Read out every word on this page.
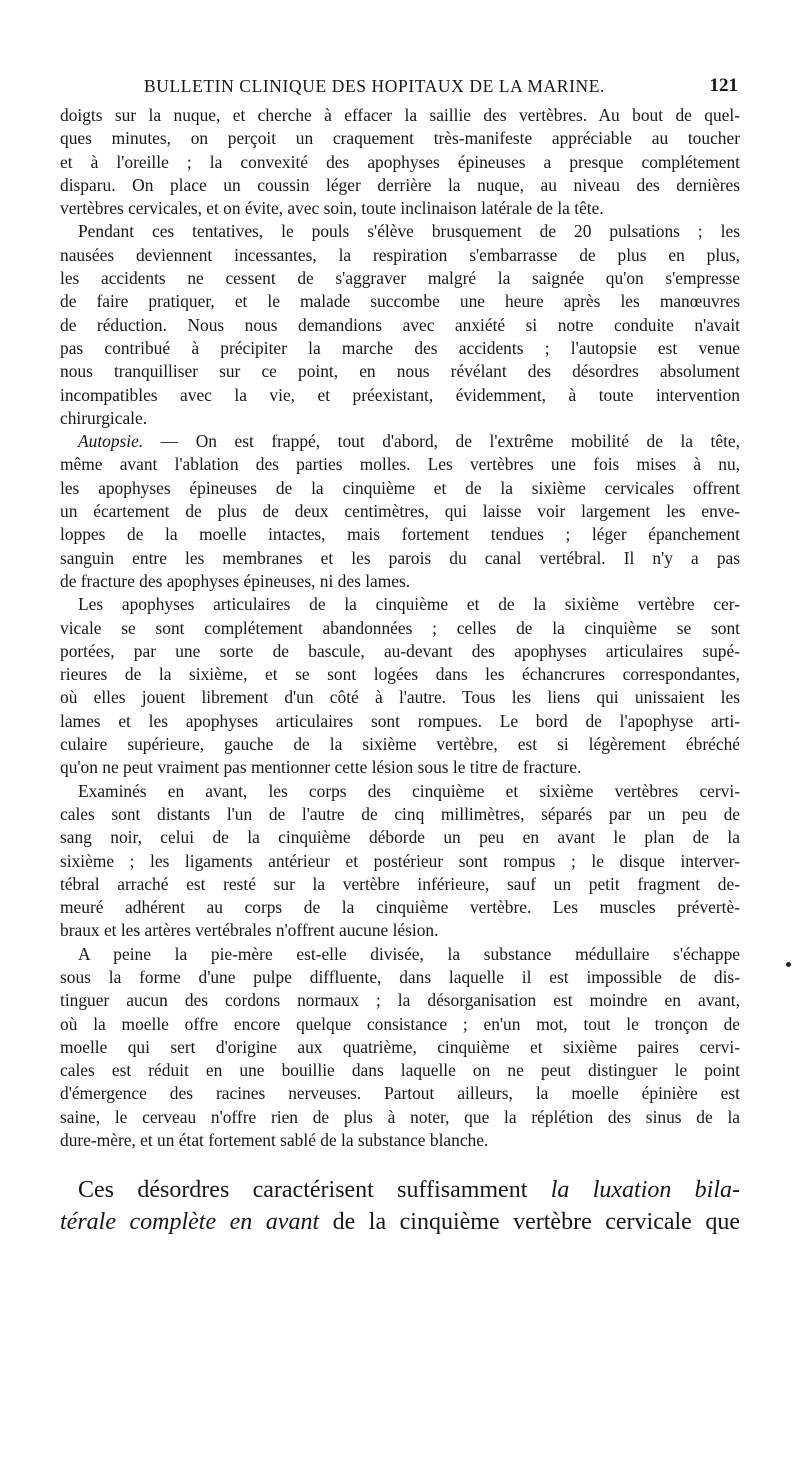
BULLETIN CLINIQUE DES HOPITAUX DE LA MARINE.	121
doigts sur la nuque, et cherche à effacer la saillie des vertèbres. Au bout de quel-
ques minutes, on perçoit un craquement très-manifeste appréciable au toucher
et à l'oreille ; la convexité des apophyses épineuses a presque complétement
disparu. On place un coussin léger derrière la nuque, au niveau des dernières
vertèbres cervicales, et on évite, avec soin, toute inclinaison latérale de la tête.
Pendant ces tentatives, le pouls s'élève brusquement de 20 pulsations ; les
nausées deviennent incessantes, la respiration s'embarrasse de plus en plus,
les accidents ne cessent de s'aggraver malgré la saignée qu'on s'empresse
de faire pratiquer, et le malade succombe une heure après les manœuvres
de réduction. Nous nous demandions avec anxiété si notre conduite n'avait
pas contribué à précipiter la marche des accidents ; l'autopsie est venue
nous tranquilliser sur ce point, en nous révélant des désordres absolument
incompatibles avec la vie, et préexistant, évidemment, à toute intervention
chirurgicale.
Autopsie. — On est frappé, tout d'abord, de l'extrême mobilité de la tête,
même avant l'ablation des parties molles. Les vertèbres une fois mises à nu,
les apophyses épineuses de la cinquième et de la sixième cervicales offrent
un écartement de plus de deux centimètres, qui laisse voir largement les enve-
loppes de la moelle intactes, mais fortement tendues ; léger épanchement
sanguin entre les membranes et les parois du canal vertébral. Il n'y a pas
de fracture des apophyses épineuses, ni des lames.
Les apophyses articulaires de la cinquième et de la sixième vertèbre cer-
vicale se sont complétement abandonnées ; celles de la cinquième se sont
portées, par une sorte de bascule, au-devant des apophyses articulaires supé-
rieures de la sixième, et se sont logées dans les échancrures correspondantes,
où elles jouent librement d'un côté à l'autre. Tous les liens qui unissaient les
lames et les apophyses articulaires sont rompues. Le bord de l'apophyse arti-
culaire supérieure, gauche de la sixième vertèbre, est si légèrement ébréché
qu'on ne peut vraiment pas mentionner cette lésion sous le titre de fracture.
Examinés en avant, les corps des cinquième et sixième vertèbres cervi-
cales sont distants l'un de l'autre de cinq millimètres, séparés par un peu de
sang noir, celui de la cinquième déborde un peu en avant le plan de la
sixième ; les ligaments antérieur et postérieur sont rompus ; le disque interver-
tébral arraché est resté sur la vertèbre inférieure, sauf un petit fragment de-
meuré adhérent au corps de la cinquième vertèbre. Les muscles prévertè-
braux et les artères vertébrales n'offrent aucune lésion.
A peine la pie-mère est-elle divisée, la substance médullaire s'échappe
sous la forme d'une pulpe diffluente, dans laquelle il est impossible de dis-
tinguer aucun des cordons normaux ; la désorganisation est moindre en avant,
où la moelle offre encore quelque consistance ; en'un mot, tout le tronçon de
moelle qui sert d'origine aux quatrième, cinquième et sixième paires cervi-
cales est réduit en une bouillie dans laquelle on ne peut distinguer le point
d'émergence des racines nerveuses. Partout ailleurs, la moelle épinière est
saine, le cerveau n'offre rien de plus à noter, que la réplétion des sinus de la
dure-mère, et un état fortement sablé de la substance blanche.
Ces désordres caractérisent suffisamment la luxation bila-
térale complète en avant de la cinquième vertèbre cervicale que
